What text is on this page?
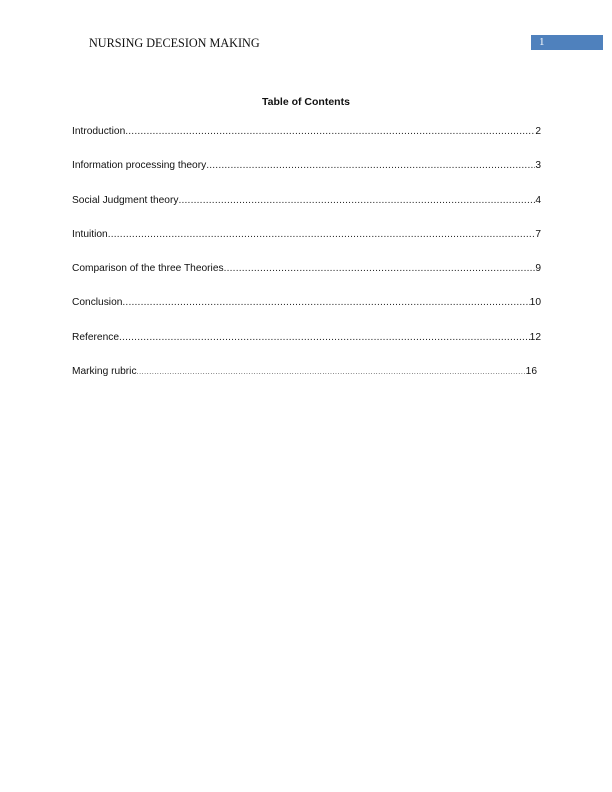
NURSING DECESION MAKING	1
Table of Contents
Introduction .....	2
Information processing theory .....	3
Social Judgment theory .....	4
Intuition .....	7
Comparison of the three Theories .....	9
Conclusion .....	10
Reference .....	12
Marking rubric .....	16
